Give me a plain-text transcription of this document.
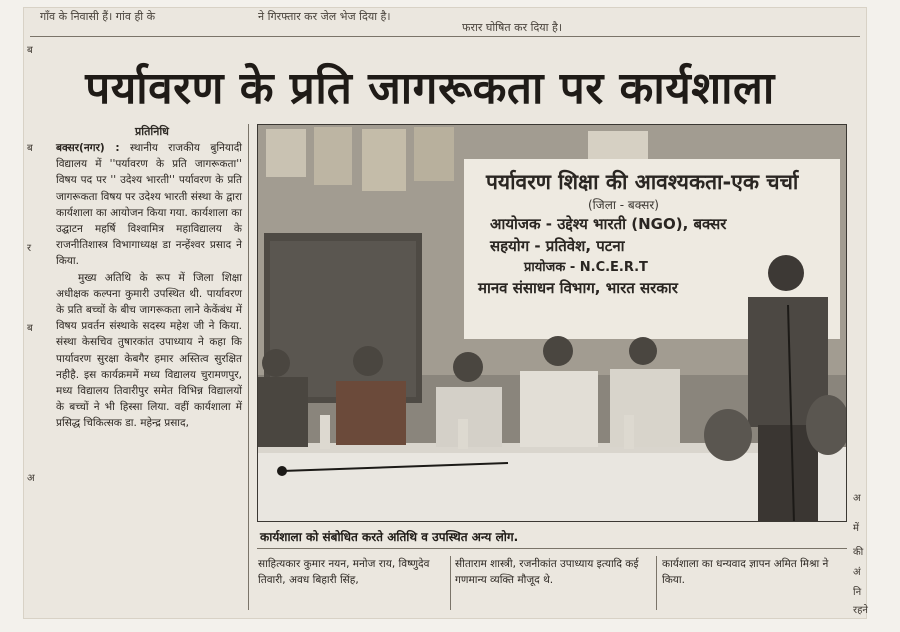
गाँव के निवासी हैं। गांव ही के	ने गिरफ्तार कर जेल भेज दिया है।
फरार घोषित कर दिया है।
पर्यावरण के प्रति जागरूकता पर कार्यशाला
प्रतिनिधि

बक्सर(नगर) : स्थानीय राजकीय बुनियादी विद्यालय में ''पर्यावरण के प्रति जागरूकता'' विषय पद पर '' उदेश्य भारती'' पर्यावरण के प्रति जागरूकता विषय पर उदेश्य भारती संस्था के द्वारा कार्यशाला का आयोजन किया गया. कार्यशाला का उद्घाटन महर्षि विश्वामित्र महाविद्यालय के राजनीतिशास्त्र विभागाध्यक्ष डा नन्हेंश्वर प्रसाद ने किया.

मुख्य अतिथि के रूप में जिला शिक्षा अधीक्षक कल्पना कुमारी उपस्थित थी. पार्यावरण के प्रति बच्चों के बीच जागरूकता लाने केकेंबंध में विषय प्रवर्तन संस्थाके सदस्य महेश जी ने किया. संस्था केसचिव तुषारकांत उपाध्याय ने कहा कि पार्यावरण सुरक्षा केबगैर हमार अस्तित्व सुरक्षित नहीहै. इस कार्यक्रममें मध्य विद्यालय चुरामणपुर, मध्य विद्यालय तिवारीपुर समेत विभिन्न विद्यालयों के बच्चों ने भी हिस्सा लिया. वहीं कार्यशाला में प्रसिद्ध चिकित्सक डा. महेन्द्र प्रसाद,

पर्यावरण शिक्षा की आवश्यकता-एक चर्चा
(जिला - बक्सर)
आयोजक - उद्देश्य भारती (NGO), बक्सर
सहयोग - प्रतिवेश, पटना
प्रायोजक - N.C.E.R.T
मानव संसाधन विभाग, भारत सरकार
कार्यशाला को संबोधित करते अतिथि व उपस्थित अन्य लोग.
साहित्यकार कुमार नयन, मनोज राय, विष्णुदेव तिवारी, अवध बिहारी सिंह,
सीताराम शास्त्री, रजनीकांत उपाध्याय इत्यादि कई गणमान्य व्यक्ति मौजूद थे.
कार्यशाला का धन्यवाद ज्ञापन अमित मिश्रा ने किया.
ब
ब
र
ब
अ
अ
में
की
अं
नि
रहने
